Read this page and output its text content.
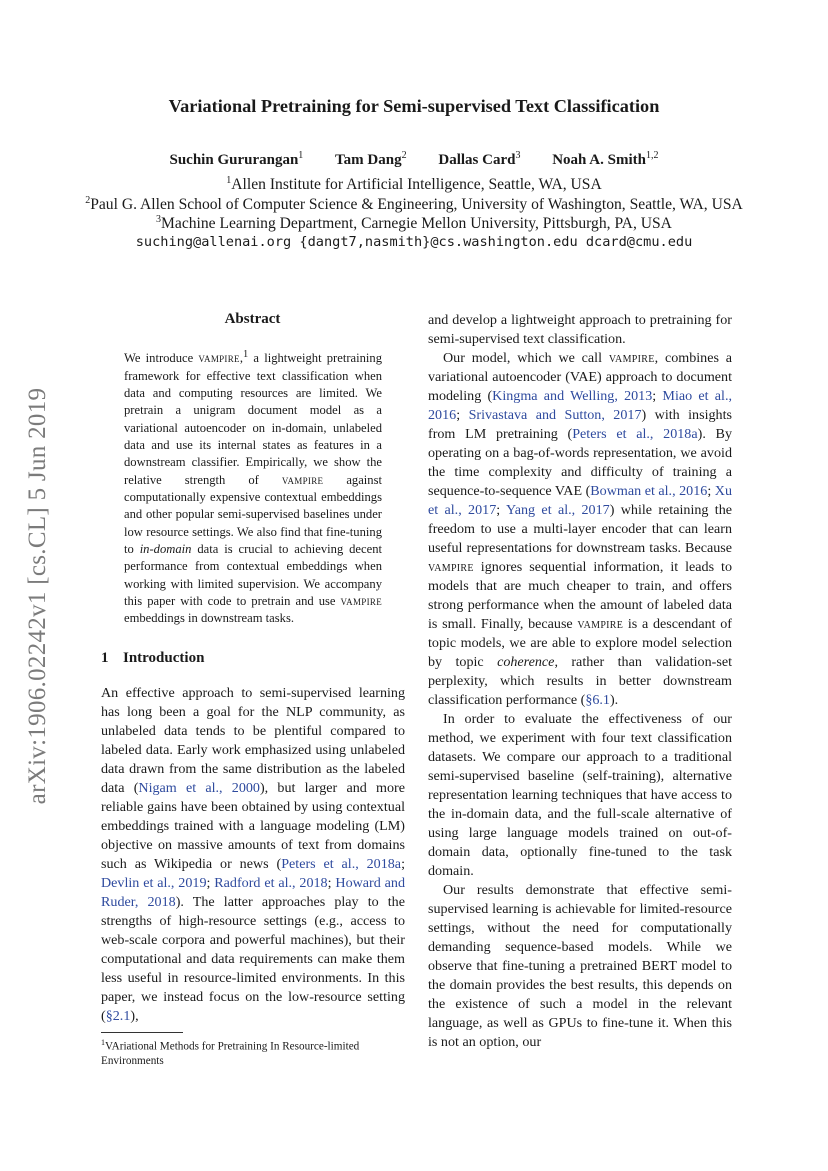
arXiv:1906.02242v1 [cs.CL] 5 Jun 2019
Variational Pretraining for Semi-supervised Text Classification
Suchin Gururangan$^1$ Tam Dang$^2$ Dallas Card$^3$ Noah A. Smith$^{1,2}$
$^1$Allen Institute for Artificial Intelligence, Seattle, WA, USA
$^2$Paul G. Allen School of Computer Science & Engineering, University of Washington, Seattle, WA, USA
$^3$Machine Learning Department, Carnegie Mellon University, Pittsburgh, PA, USA
suching@allenai.org {dangt7,nasmith}@cs.washington.edu dcard@cmu.edu
Abstract
We introduce vampire,$^1$ a lightweight pretraining framework for effective text classification when data and computing resources are limited. We pretrain a unigram document model as a variational autoencoder on in-domain, unlabeled data and use its internal states as features in a downstream classifier. Empirically, we show the relative strength of vampire against computationally expensive contextual embeddings and other popular semi-supervised baselines under low resource settings. We also find that fine-tuning to in-domain data is crucial to achieving decent performance from contextual embeddings when working with limited supervision. We accompany this paper with code to pretrain and use vampire embeddings in downstream tasks.
1 Introduction

An effective approach to semi-supervised learning has long been a goal for the NLP community, as unlabeled data tends to be plentiful compared to labeled data. Early work emphasized using unlabeled data drawn from the same distribution as the labeled data (Nigam et al., 2000), but larger and more reliable gains have been obtained by using contextual embeddings trained with a language modeling (LM) objective on massive amounts of text from domains such as Wikipedia or news (Peters et al., 2018a; Devlin et al., 2019; Radford et al., 2018; Howard and Ruder, 2018). The latter approaches play to the strengths of high-resource settings (e.g., access to web-scale corpora and powerful machines), but their computational and data requirements can make them less useful in resource-limited environments. In this paper, we instead focus on the low-resource setting (§2.1),

and develop a lightweight approach to pretraining for semi-supervised text classification.

Our model, which we call vampire, combines a variational autoencoder (VAE) approach to document modeling (Kingma and Welling, 2013; Miao et al., 2016; Srivastava and Sutton, 2017) with insights from LM pretraining (Peters et al., 2018a). By operating on a bag-of-words representation, we avoid the time complexity and difficulty of training a sequence-to-sequence VAE (Bowman et al., 2016; Xu et al., 2017; Yang et al., 2017) while retaining the freedom to use a multi-layer encoder that can learn useful representations for downstream tasks. Because vampire ignores sequential information, it leads to models that are much cheaper to train, and offers strong performance when the amount of labeled data is small. Finally, because vampire is a descendant of topic models, we are able to explore model selection by topic coherence, rather than validation-set perplexity, which results in better downstream classification performance (§6.1).

In order to evaluate the effectiveness of our method, we experiment with four text classification datasets. We compare our approach to a traditional semi-supervised baseline (self-training), alternative representation learning techniques that have access to the in-domain data, and the full-scale alternative of using large language models trained on out-of-domain data, optionally fine-tuned to the task domain.

Our results demonstrate that effective semi-supervised learning is achievable for limited-resource settings, without the need for computationally demanding sequence-based models. While we observe that fine-tuning a pretrained BERT model to the domain provides the best results, this depends on the existence of such a model in the relevant language, as well as GPUs to fine-tune it. When this is not an option, our

$^1$VAriational Methods for Pretraining In Resource-limited Environments
